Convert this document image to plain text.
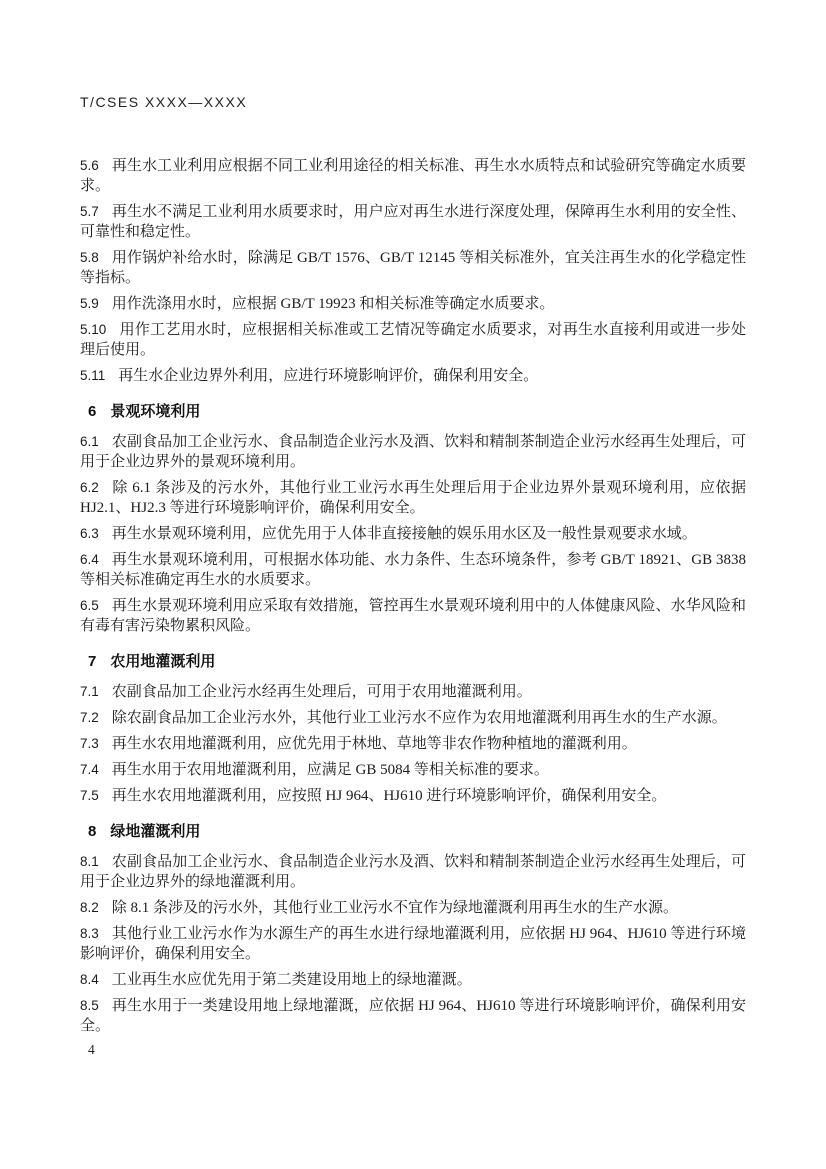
T/CSES XXXX—XXXX

5.6 再生水工业利用应根据不同工业利用途径的相关标准、再生水水质特点和试验研究等确定水质要求。

5.7 再生水不满足工业利用水质要求时，用户应对再生水进行深度处理，保障再生水利用的安全性、可靠性和稳定性。

5.8 用作锅炉补给水时，除满足 GB/T 1576、GB/T 12145 等相关标准外，宜关注再生水的化学稳定性等指标。

5.9 用作洗涤用水时，应根据 GB/T 19923 和相关标准等确定水质要求。

5.10 用作工艺用水时，应根据相关标准或工艺情况等确定水质要求，对再生水直接利用或进一步处理后使用。

5.11 再生水企业边界外利用，应进行环境影响评价，确保利用安全。

6 景观环境利用

6.1 农副食品加工企业污水、食品制造企业污水及酒、饮料和精制茶制造企业污水经再生处理后，可用于企业边界外的景观环境利用。

6.2 除 6.1 条涉及的污水外，其他行业工业污水再生处理后用于企业边界外景观环境利用，应依据 HJ2.1、HJ2.3 等进行环境影响评价，确保利用安全。

6.3 再生水景观环境利用，应优先用于人体非直接接触的娱乐用水区及一般性景观要求水域。

6.4 再生水景观环境利用，可根据水体功能、水力条件、生态环境条件，参考 GB/T 18921、GB 3838 等相关标准确定再生水的水质要求。

6.5 再生水景观环境利用应采取有效措施，管控再生水景观环境利用中的人体健康风险、水华风险和有毒有害污染物累积风险。

7 农用地灌溉利用

7.1 农副食品加工企业污水经再生处理后，可用于农用地灌溉利用。

7.2 除农副食品加工企业污水外，其他行业工业污水不应作为农用地灌溉利用再生水的生产水源。

7.3 再生水农用地灌溉利用，应优先用于林地、草地等非农作物种植地的灌溉利用。

7.4 再生水用于农用地灌溉利用，应满足 GB 5084 等相关标准的要求。

7.5 再生水农用地灌溉利用，应按照 HJ 964、HJ610 进行环境影响评价，确保利用安全。

8 绿地灌溉利用

8.1 农副食品加工企业污水、食品制造企业污水及酒、饮料和精制茶制造企业污水经再生处理后，可用于企业边界外的绿地灌溉利用。

8.2 除 8.1 条涉及的污水外，其他行业工业污水不宜作为绿地灌溉利用再生水的生产水源。

8.3 其他行业工业污水作为水源生产的再生水进行绿地灌溉利用，应依据 HJ 964、HJ610 等进行环境影响评价，确保利用安全。

8.4 工业再生水应优先用于第二类建设用地上的绿地灌溉。

8.5 再生水用于一类建设用地上绿地灌溉，应依据 HJ 964、HJ610 等进行环境影响评价，确保利用安全。

4
